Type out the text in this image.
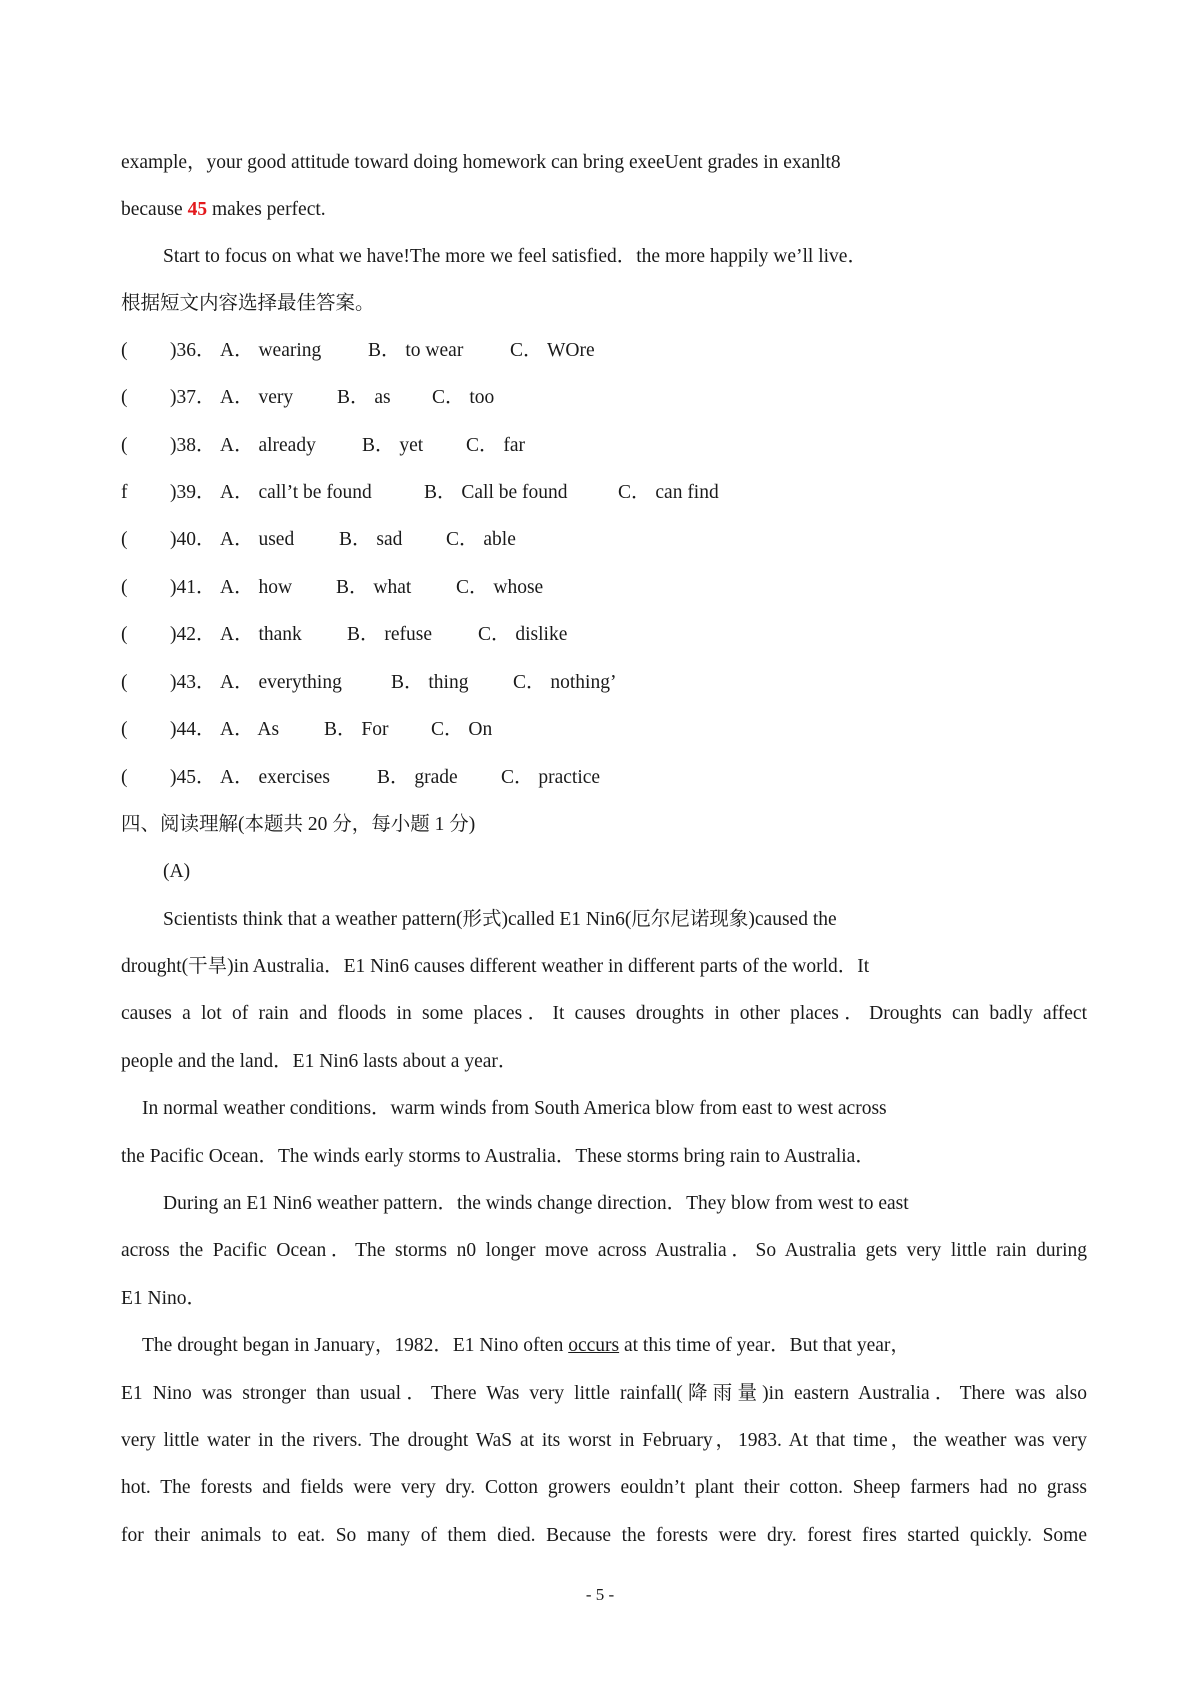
example，your good attitude toward doing homework can bring exeeUent grades in exanlt8
because 45 makes perfect.
Start to focus on what we have!The more we feel satisfied．the more happily we’ll live．
根据短文内容选择最佳答案。
( )36． A． wearing B． to wear C． WOre
( )37． A． very B． as C． too
( )38． A． already B． yet C． far
f )39． A． call’t be found	B． Call be found	C． can find
( )40． A． used B． sad C． able
( )41． A． how B． what C． whose
( )42． A． thank B． refuse C． dislike
( )43． A． everything	B． thing C． nothing’
( )44． A． As B． For C． On
( )45． A． exercises B． grade C． practice
四、阅读理解(本题共 20 分，每小题 1 分)
(A)
Scientists think that a weather pattern(形式)called E1 Nin6(厄尔尼诺现象)caused the
drought(干旱)in Australia．E1 Nin6 causes different weather in different parts of the world．It
causes a lot of rain and floods in some places．It causes droughts in other places．Droughts can badly affect
people and the land．E1 Nin6 lasts about a year．
In normal weather conditions．warm winds from South America blow from east to west across
the Pacific Ocean．The winds early storms to Australia．These storms bring rain to Australia．
During an E1 Nin6 weather pattern．the winds change direction．They blow from west to east
across the Pacific Ocean．The storms n0 longer move across Australia．So Australia gets very little rain during
E1 Nino．
The drought began in January，1982．E1 Nino often occurs at this time of year．But that year，
E1 Nino was stronger than usual．There Was very little rainfall(降雨量)in eastern Australia．There was also
very little water in the rivers. The drought WaS at its worst in February，1983. At that time，the weather was very
hot. The forests and fields were very dry. Cotton growers eouldn’t plant their cotton. Sheep farmers had no grass
for their animals to eat. So many of them died. Because the forests were dry. forest fires started quickly. Some
- 5 -
